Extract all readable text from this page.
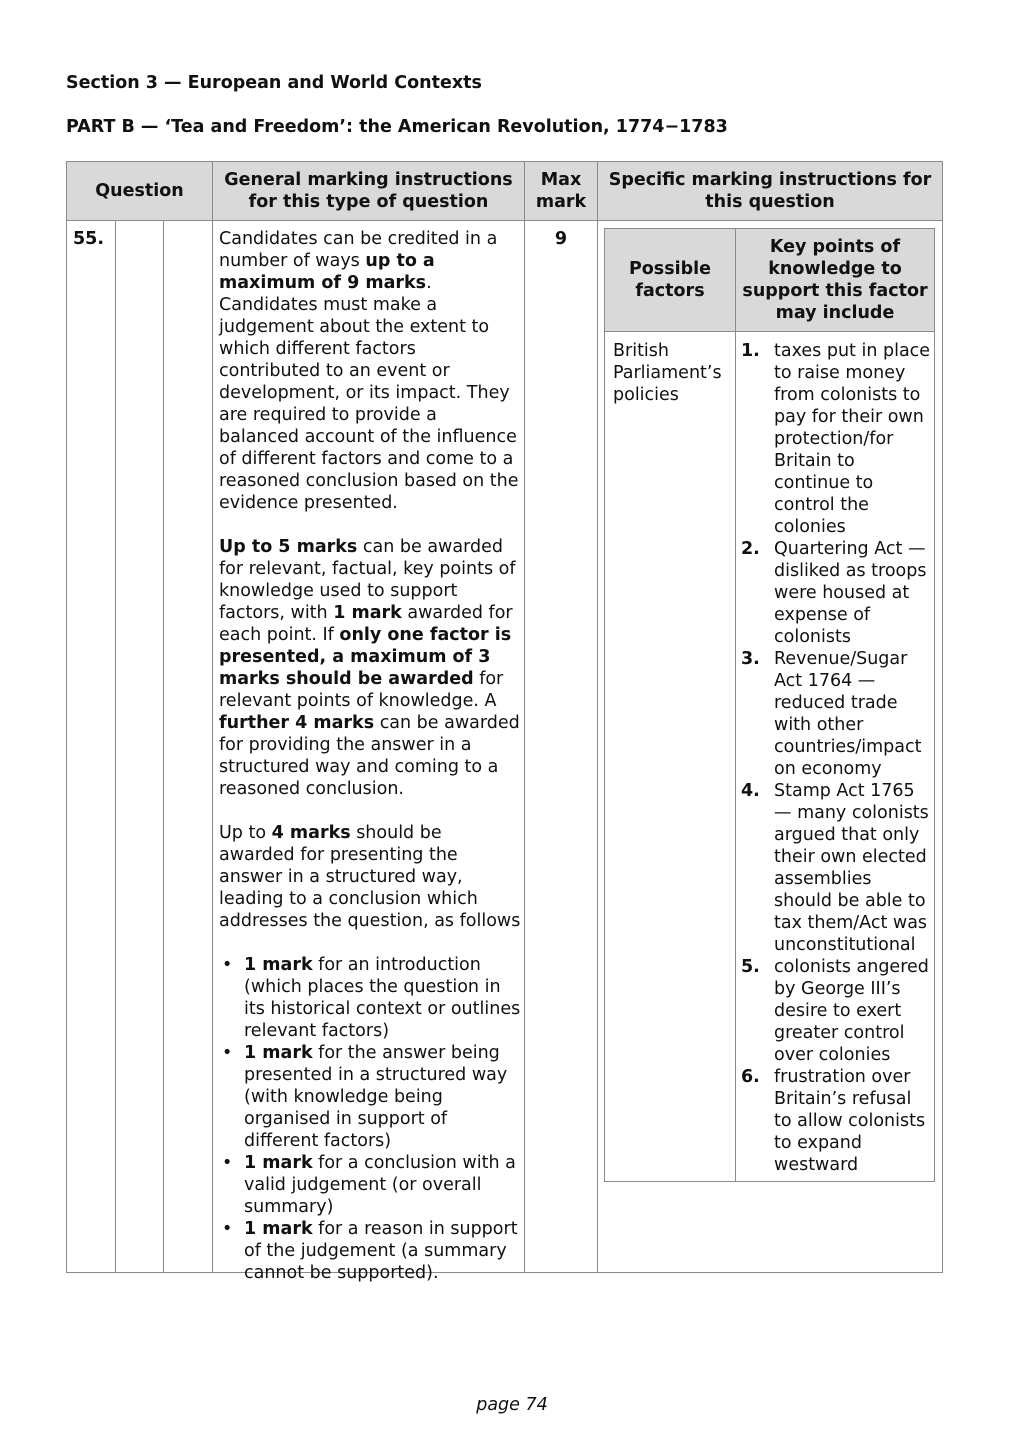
Section 3 — European and World Contexts
PART B — ‘Tea and Freedom’: the American Revolution, 1774−1783
Question
General marking instructions for this type of question
Max mark
Specific marking instructions for this question
55.	9

Candidates can be credited in a number of ways up to a maximum of 9 marks. Candidates must make a judgement about the extent to which different factors contributed to an event or development, or its impact. They are required to provide a balanced account of the influence of different factors and come to a reasoned conclusion based on the evidence presented.

Up to 5 marks can be awarded for relevant, factual, key points of knowledge used to support factors, with 1 mark awarded for each point. If only one factor is presented, a maximum of 3 marks should be awarded for relevant points of knowledge. A further 4 marks can be awarded for providing the answer in a structured way and coming to a reasoned conclusion.

Up to 4 marks should be awarded for presenting the answer in a structured way, leading to a conclusion which addresses the question, as follows

• 1 mark for an introduction (which places the question in its historical context or outlines relevant factors)
• 1 mark for the answer being presented in a structured way (with knowledge being organised in support of different factors)
• 1 mark for a conclusion with a valid judgement (or overall summary)
• 1 mark for a reason in support of the judgement (a summary cannot be supported).
Possible factors
Key points of knowledge to support this factor may include
British Parliament’s policies
1. taxes put in place to raise money from colonists to pay for their own protection/for Britain to continue to control the colonies
2. Quartering Act — disliked as troops were housed at expense of colonists
3. Revenue/Sugar Act 1764 — reduced trade with other countries/impact on economy
4. Stamp Act 1765 — many colonists argued that only their own elected assemblies should be able to tax them/Act was unconstitutional
5. colonists angered by George III’s desire to exert greater control over colonies
6. frustration over Britain’s refusal to allow colonists to expand westward
page 74
